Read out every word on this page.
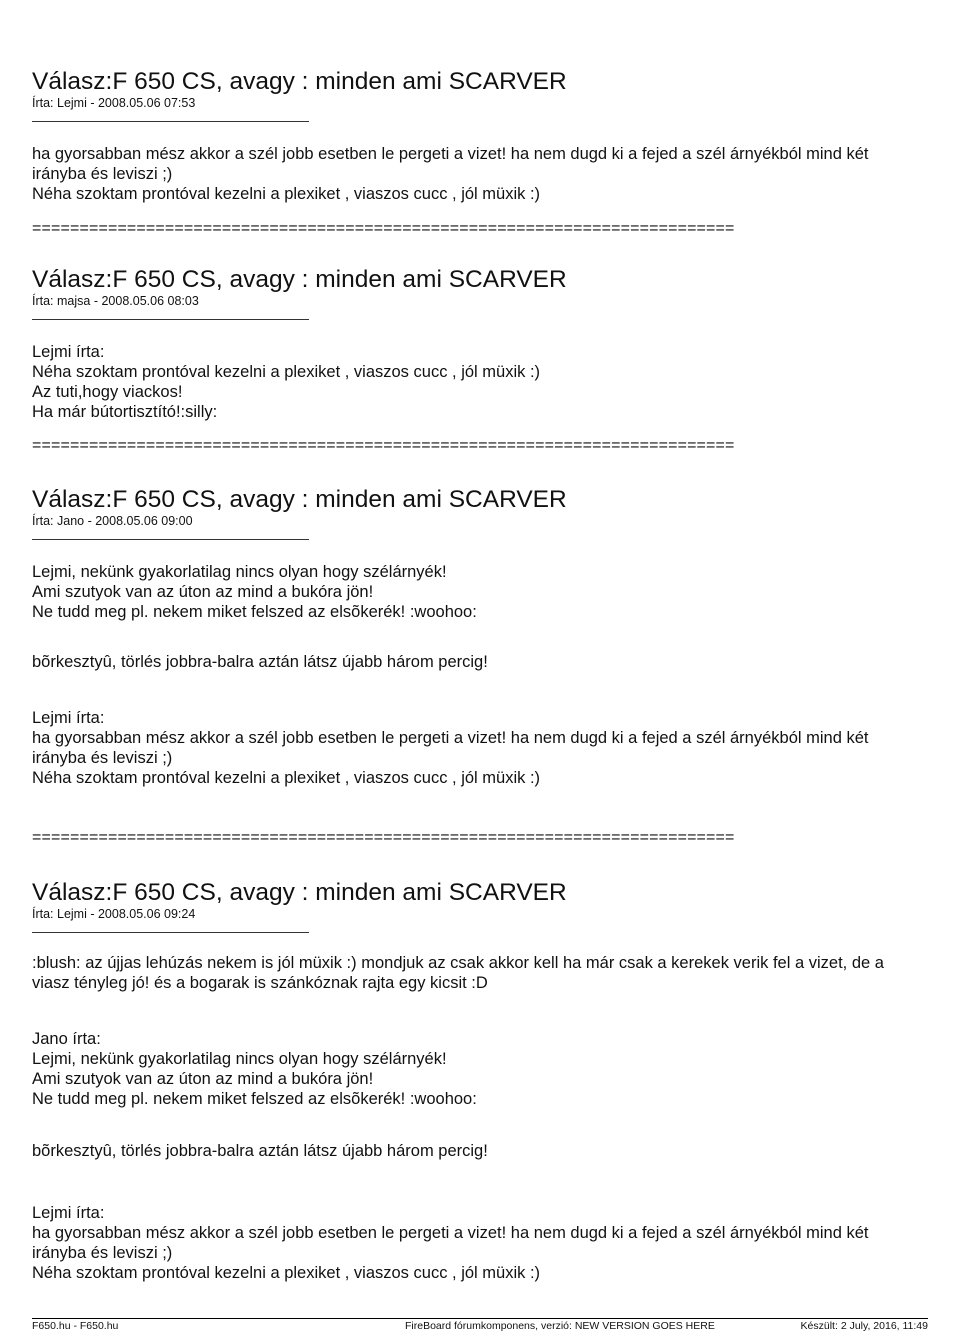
Válasz:F 650 CS, avagy : minden ami SCARVER
Írta: Lejmi - 2008.05.06 07:53
ha gyorsabban mész akkor a szél jobb esetben le pergeti a vizet! ha nem dugd ki a fejed a szél árnyékból mind két
irányba és leviszi ;)
Néha szoktam prontóval kezelni a plexiket , viaszos cucc , jól müxik :)
==========================================================================
Válasz:F 650 CS, avagy : minden ami SCARVER
Írta: majsa - 2008.05.06 08:03
Lejmi írta:
Néha szoktam prontóval kezelni a plexiket , viaszos cucc , jól müxik :)
Az tuti,hogy viackos!
Ha már bútortisztító!:silly:
==========================================================================
Válasz:F 650 CS, avagy : minden ami SCARVER
Írta: Jano - 2008.05.06 09:00
Lejmi, nekünk gyakorlatilag nincs olyan hogy szélárnyék!
Ami szutyok van az úton az mind a bukóra jön!
Ne tudd meg pl. nekem miket felszed az elsõkerék! :woohoo:
bõrkesztyû, törlés jobbra-balra aztán látsz újabb három percig!
Lejmi írta:
ha gyorsabban mész akkor a szél jobb esetben le pergeti a vizet! ha nem dugd ki a fejed a szél árnyékból mind két
irányba és leviszi ;)
Néha szoktam prontóval kezelni a plexiket , viaszos cucc , jól müxik :)
==========================================================================
Válasz:F 650 CS, avagy : minden ami SCARVER
Írta: Lejmi - 2008.05.06 09:24
:blush: az újjas lehúzás nekem is jól müxik :) mondjuk az csak akkor kell ha már csak a kerekek verik fel a vizet, de a viasz tényleg jó! és a bogarak is szánkóznak rajta egy kicsit :D
Jano írta:
Lejmi, nekünk gyakorlatilag nincs olyan hogy szélárnyék!
Ami szutyok van az úton az mind a bukóra jön!
Ne tudd meg pl. nekem miket felszed az elsõkerék! :woohoo:
bõrkesztyû, törlés jobbra-balra aztán látsz újabb három percig!
Lejmi írta:
ha gyorsabban mész akkor a szél jobb esetben le pergeti a vizet! ha nem dugd ki a fejed a szél árnyékból mind két
irányba és leviszi ;)
Néha szoktam prontóval kezelni a plexiket , viaszos cucc , jól müxik :)
F650.hu - F650.hu	FireBoard fórumkomponens, verzió: NEW VERSION GOES HERE	Készült: 2 July, 2016, 11:49
